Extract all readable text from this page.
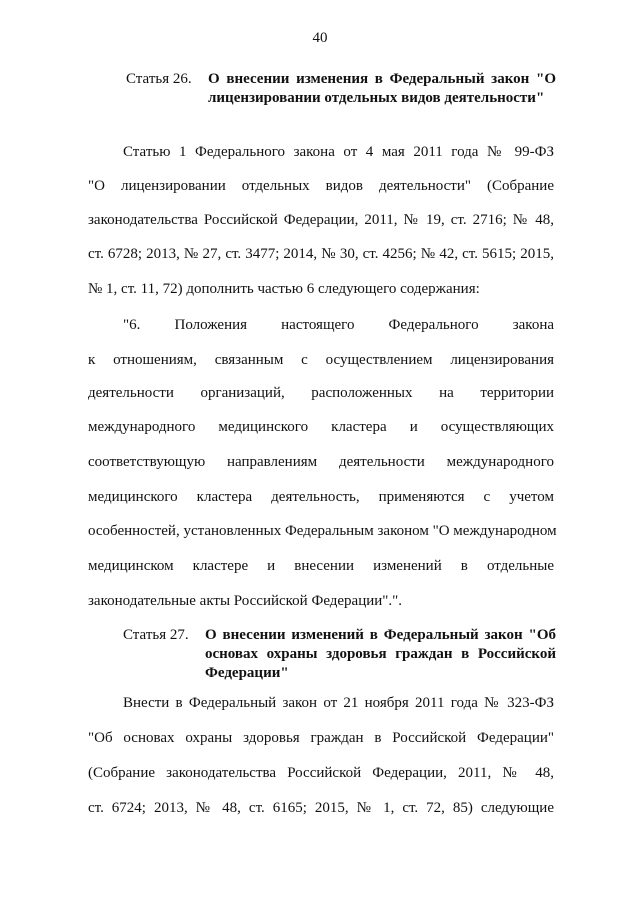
40
Статья 26.	О внесении изменения в Федеральный закон "О лицензировании отдельных видов деятельности"
Статью 1 Федерального закона от 4 мая 2011 года № 99-ФЗ
"О лицензировании отдельных видов деятельности" (Собрание
законодательства Российской Федерации, 2011, № 19, ст. 2716; № 48,
ст. 6728; 2013, № 27, ст. 3477; 2014, № 30, ст. 4256; № 42, ст. 5615; 2015,
№ 1, ст. 11, 72) дополнить частью 6 следующего содержания:
"6. Положения настоящего Федерального закона
к отношениям, связанным с осуществлением лицензирования
деятельности организаций, расположенных на территории
международного медицинского кластера и осуществляющих
соответствующую направлениям деятельности международного
медицинского кластера деятельность, применяются с учетом
особенностей, установленных Федеральным законом "О международном
медицинском кластере и внесении изменений в отдельные
законодательные акты Российской Федерации".".
Статья 27.	О внесении изменений в Федеральный закон "Об основах охраны здоровья граждан в Российской Федерации"
Внести в Федеральный закон от 21 ноября 2011 года № 323-ФЗ
"Об основах охраны здоровья граждан в Российской Федерации"
(Собрание законодательства Российской Федерации, 2011, № 48,
ст. 6724; 2013, № 48, ст. 6165; 2015, № 1, ст. 72, 85) следующие
